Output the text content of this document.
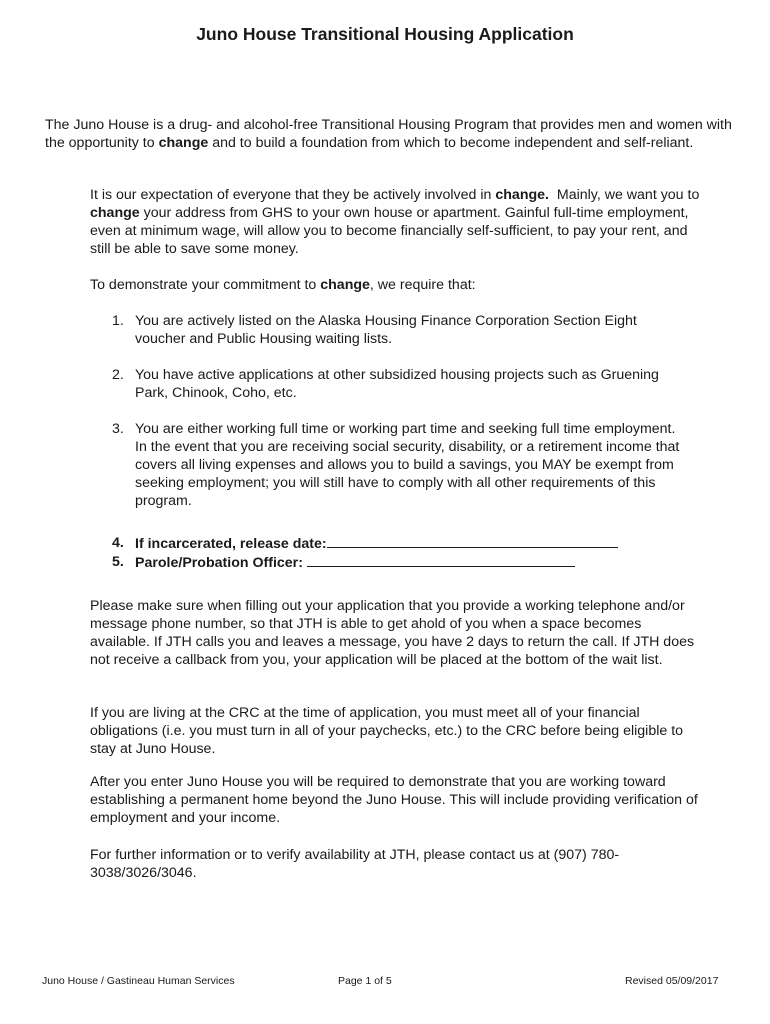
Juno House Transitional Housing Application

The Juno House is a drug- and alcohol-free Transitional Housing Program that provides men and women with the opportunity to change and to build a foundation from which to become independent and self-reliant.

It is our expectation of everyone that they be actively involved in change.  Mainly, we want you to change your address from GHS to your own house or apartment. Gainful full-time employment, even at minimum wage, will allow you to become financially self-sufficient, to pay your rent, and still be able to save some money.

To demonstrate your commitment to change, we require that:

1. You are actively listed on the Alaska Housing Finance Corporation Section Eight voucher and Public Housing waiting lists.
2. You have active applications at other subsidized housing projects such as Gruening Park, Chinook, Coho, etc.
3. You are either working full time or working part time and seeking full time employment. In the event that you are receiving social security, disability, or a retirement income that covers all living expenses and allows you to build a savings, you MAY be exempt from seeking employment; you will still have to comply with all other requirements of this program.
4. If incarcerated, release date:
5. Parole/Probation Officer:

Please make sure when filling out your application that you provide a working telephone and/or message phone number, so that JTH is able to get ahold of you when a space becomes available. If JTH calls you and leaves a message, you have 2 days to return the call. If JTH does not receive a callback from you, your application will be placed at the bottom of the wait list.

If you are living at the CRC at the time of application, you must meet all of your financial obligations (i.e. you must turn in all of your paychecks, etc.) to the CRC before being eligible to stay at Juno House.

After you enter Juno House you will be required to demonstrate that you are working toward establishing a permanent home beyond the Juno House. This will include providing verification of employment and your income.

For further information or to verify availability at JTH, please contact us at (907) 780-3038/3026/3046.

Juno House / Gastineau Human Services	Page 1 of 5	Revised 05/09/2017
